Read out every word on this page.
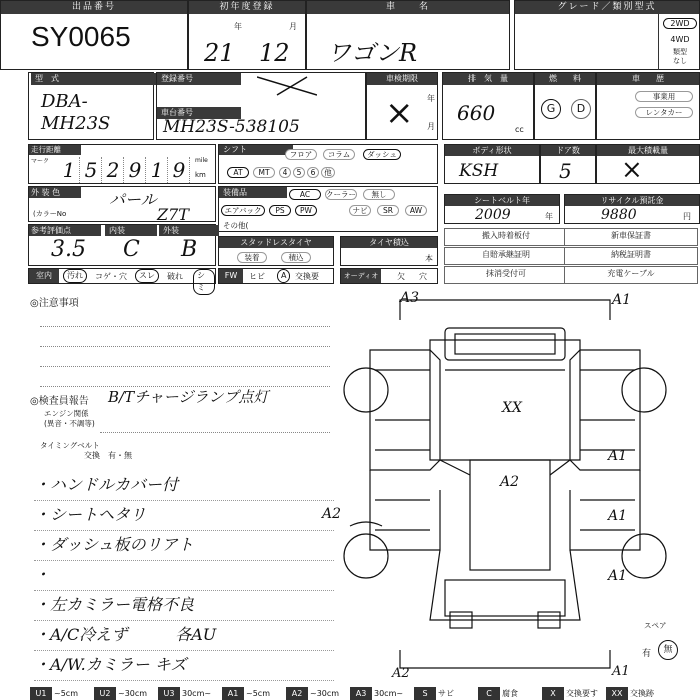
出品番号
SY0065
初年度登録
年	月
21 12
車　　名
ワゴンR
グレード／類別型式
2WD
4WD
類型
なし
型　式
DBA-
MH23S
登録番号
車台番号
MH23S-538105
車検期限
年
月
×
排　気　量
660
cc
燃　　料
G	D
車　　歴
事業用
レンタカー
走行距離
マーク 1 5 2 9 1 9	mile
km
シフト
フロア	コラム	ダッシュ
AT	MT	4	5	6	他
ボディ形状
KSH
ドア数
5
最大積載量
×
外 装 色	パール
(カラーNo	Z7T
装備品	AC	クーラー	無し
エアバック	PS	PW	ナビ	SR	AW
その他(
シートベルト年
2009	年
リサイクル預託金
9880	円
参考評価点	内装	外装
3.5 C B	スタッドレスタイヤ
装着	積込
タイヤ積込
本
搬入時着板付	新車保証書
自賠承継証明	納税証明書
抹消受付可	充電ケーブル
室内	汚れ	コゲ・穴	スレ	破れ	シミ
FW	ヒビ	A	交換要	オーディオ	欠 穴
◎注意事項
◎検査員報告 B/Tチャージランプ点灯
エンジン関係
(異音・不調等)
タイミングベルト
交換　有・無
・ハンドルカバー付
・シートヘタリ
・ダッシュ板のリアト
・
・左カミラー電格不良
・A/C冷えず　　　各AU
・A/W.カミラー キズ
A3	A1
XX
A1
A2
A2	A1
A1
A2	A1
スペア
有	無
U1 ~5cm	U2 ~30cm	U3 30cm~	A1 ~5cm	A2 ~30cm	A3 30cm~	S	サビ	C	腐食	X	交換要す	XX 交換跡
